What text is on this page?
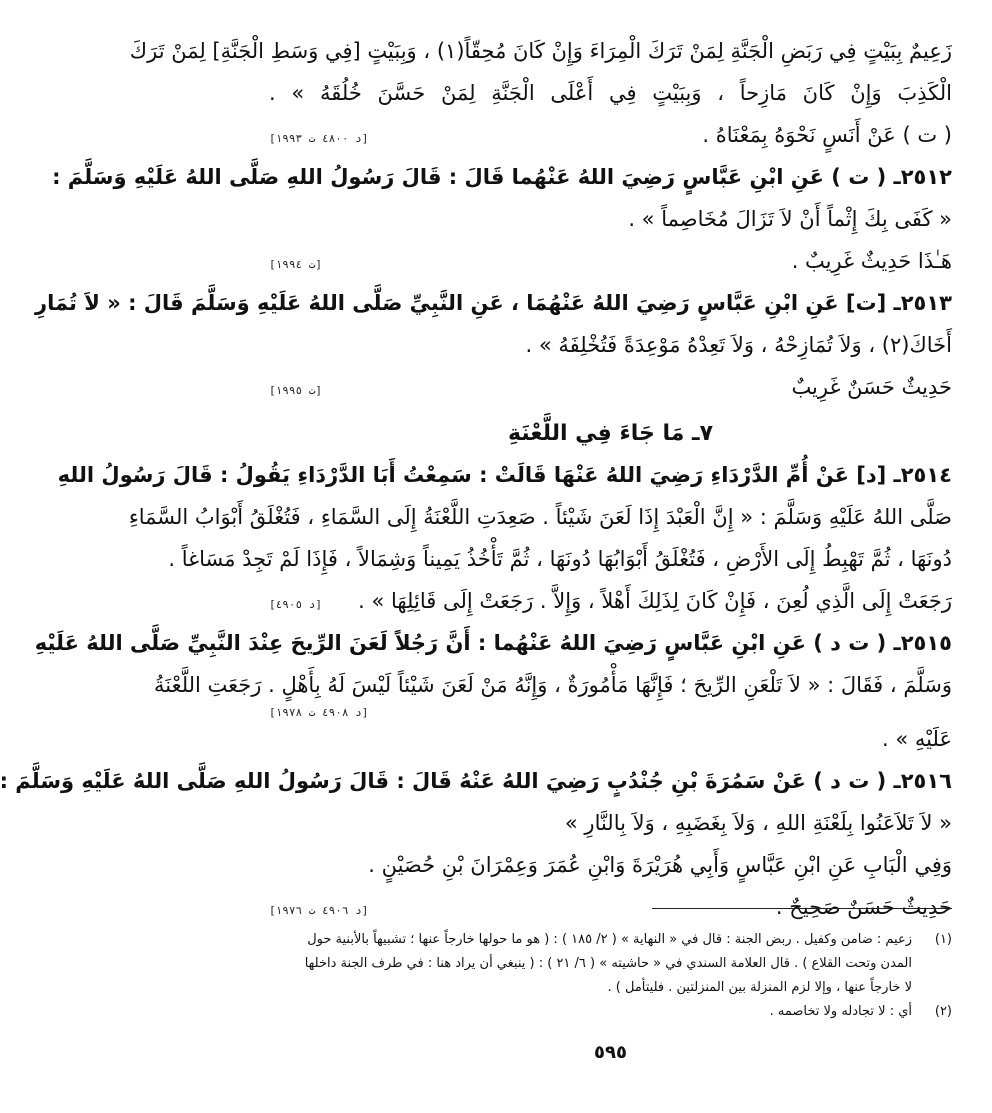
زَعِيمٌ بِبَيْتٍ فِي رَبَضِ الْجَنَّةِ لِمَنْ تَرَكَ الْمِرَاءَ وَإِنْ كَانَ مُحِقّاً(١) ، وَبِبَيْتٍ [فِي وَسَطِ الْجَنَّةِ] لِمَنْ تَرَكَ
الْكَذِبَ وَإِنْ كَانَ مَازِحاً ، وَبِبَيْتٍ فِي أَعْلَى الْجَنَّةِ لِمَنْ حَسَّنَ خُلُقَهُ » .
( ت ) عَنْ أَنَسٍ نَحْوَهُ بِمَعْنَاهُ .
[د ٤٨٠٠ ت ١٩٩٣]
٢٥١٢ـ ( ت ) عَنِ ابْنِ عَبَّاسٍ رَضِيَ اللهُ عَنْهُما قَالَ : قَالَ رَسُولُ اللهِ صَلَّى اللهُ عَلَيْهِ وَسَلَّمَ :
« كَفَى بِكَ إِثْماً أَنْ لاَ تَزَالَ مُخَاصِماً » .
هَـٰذَا حَدِيثٌ غَرِيبٌ .
[ت ١٩٩٤]
٢٥١٣ـ [ت] عَنِ ابْنِ عَبَّاسٍ رَضِيَ اللهُ عَنْهُمَا ، عَنِ النَّبِيِّ صَلَّى اللهُ عَلَيْهِ وَسَلَّمَ قَالَ : « لاَ تُمَارِ
أَخَاكَ(٢) ، وَلاَ تُمَازِحْهُ ، وَلاَ تَعِدْهُ مَوْعِدَةً فَتُخْلِفَهُ » .
حَدِيثٌ حَسَنٌ غَرِيبٌ
[ت ١٩٩٥]
٧ـ مَا جَاءَ فِي اللَّعْنَةِ
٢٥١٤ـ [د] عَنْ أُمِّ الدَّرْدَاءِ رَضِيَ اللهُ عَنْهَا قَالَتْ : سَمِعْتُ أَبَا الدَّرْدَاءِ يَقُولُ : قَالَ رَسُولُ اللهِ
صَلَّى اللهُ عَلَيْهِ وَسَلَّمَ : « إِنَّ الْعَبْدَ إِذَا لَعَنَ شَيْئاً . صَعِدَتِ اللَّعْنَةُ إِلَى السَّمَاءِ ، فَتُغْلَقُ أَبْوَابُ السَّمَاءِ
دُونَهَا ، ثُمَّ تَهْبِطُ إِلَى الأَرْضِ ، فَتُغْلَقُ أَبْوَابُهَا دُونَهَا ، ثُمَّ تَأْخُذُ يَمِيناً وَشِمَالاً ، فَإِذَا لَمْ تَجِدْ مَسَاغاً .
رَجَعَتْ إِلَى الَّذِي لُعِنَ ، فَإِنْ كَانَ لِذَلِكَ أَهْلاً ، وَإِلاَّ . رَجَعَتْ إِلَى قَائِلِهَا » .
[د ٤٩٠٥]
٢٥١٥ـ ( ت د ) عَنِ ابْنِ عَبَّاسٍ رَضِيَ اللهُ عَنْهُما : أَنَّ رَجُلاً لَعَنَ الرِّيحَ عِنْدَ النَّبِيِّ صَلَّى اللهُ عَلَيْهِ
وَسَلَّمَ ، فَقَالَ : « لاَ تَلْعَنِ الرِّيحَ ؛ فَإِنَّهَا مَأْمُورَةٌ ، وَإِنَّهُ مَنْ لَعَنَ شَيْئاً لَيْسَ لَهُ بِأَهْلٍ . رَجَعَتِ اللَّعْنَةُ
[د ٤٩٠٨ ت ١٩٧٨]
عَلَيْهِ » .
٢٥١٦ـ ( ت د ) عَنْ سَمُرَةَ بْنِ جُنْدُبٍ رَضِيَ اللهُ عَنْهُ قَالَ : قَالَ رَسُولُ اللهِ صَلَّى اللهُ عَلَيْهِ وَسَلَّمَ :
« لاَ تَلاَعَنُوا بِلَعْنَةِ اللهِ ، وَلاَ بِغَضَبِهِ ، وَلاَ بِالنَّارِ »
وَفِي الْبَابِ عَنِ ابْنِ عَبَّاسٍ وَأَبِي هُرَيْرَةَ وَابْنِ عُمَرَ وَعِمْرَانَ بْنِ حُصَيْنٍ .
حَدِيثٌ حَسَنٌ صَحِيحٌ .
[د ٤٩٠٦ ت ١٩٧٦]
(١)
زعيم : ضامن وكفيل . ربض الجنة : قال في « النهاية » ( ٢/ ١٨٥ ) : ( هو ما حولها خارجاً عنها ؛ تشبيهاً بالأبنية حول
المدن وتحت القلاع ) . قال العلامة السندي في « حاشيته » ( ٦/ ٢١ ) : ( ينبغي أن يراد هنا : في طرف الجنة داخلها
لا خارجاً عنها ، وإلا لزم المنزلة بين المنزلتين . فليتأمل ) .
(٢)
أي : لا تجادله ولا تخاصمه .
٥٩٥
